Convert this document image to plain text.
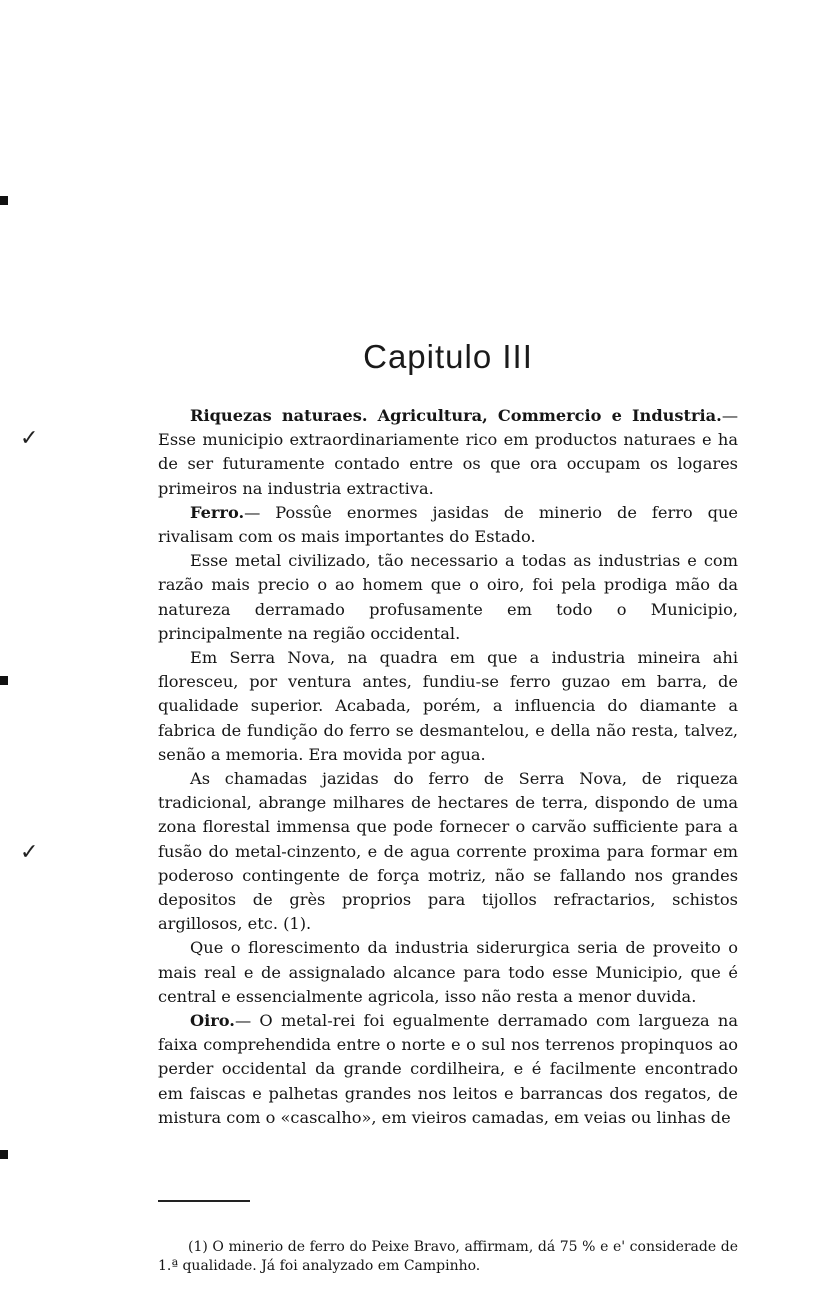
✓
✓
Capitulo III

Riquezas naturaes. Agricultura, Commercio e Industria.— Esse municipio extraordinariamente rico em productos naturaes e ha de ser futuramente contado entre os que ora occupam os logares primeiros na industria extractiva.

Ferro.— Possûe enormes jasidas de minerio de ferro que rivalisam com os mais importantes do Estado.

Esse metal civilizado, tão necessario a todas as industrias e com razão mais precio o ao homem que o oiro, foi pela prodiga mão da natureza derramado profusamente em todo o Municipio, principalmente na região occidental.

Em Serra Nova, na quadra em que a industria mineira ahi floresceu, por ventura antes, fundiu-se ferro guzao em barra, de qualidade superior. Acabada, porém, a influencia do diamante a fabrica de fundição do ferro se desmantelou, e della não resta, talvez, senão a memoria. Era movida por agua.

As chamadas jazidas do ferro de Serra Nova, de riqueza tradicional, abrange milhares de hectares de terra, dispondo de uma zona florestal immensa que pode fornecer o carvão sufficiente para a fusão do metal-cinzento, e de agua corrente proxima para formar em poderoso contingente de força motriz, não se fallando nos grandes depositos de grès proprios para tijollos refractarios, schistos argillosos, etc. (1).

Que o florescimento da industria siderurgica seria de proveito o mais real e de assignalado alcance para todo esse Municipio, que é central e essencialmente agricola, isso não resta a menor duvida.

Oiro.— O metal-rei foi egualmente derramado com largueza na faixa comprehendida entre o norte e o sul nos terrenos propinquos ao perder occidental da grande cordilheira, e é facilmente encontrado em faiscas e palhetas grandes nos leitos e barrancas dos regatos, de mistura com o «cascalho», em vieiros camadas, em veias ou linhas de

(1) O minerio de ferro do Peixe Bravo, affirmam, dá 75 % e e' considerade de 1.ª qualidade. Já foi analyzado em Campinho.
